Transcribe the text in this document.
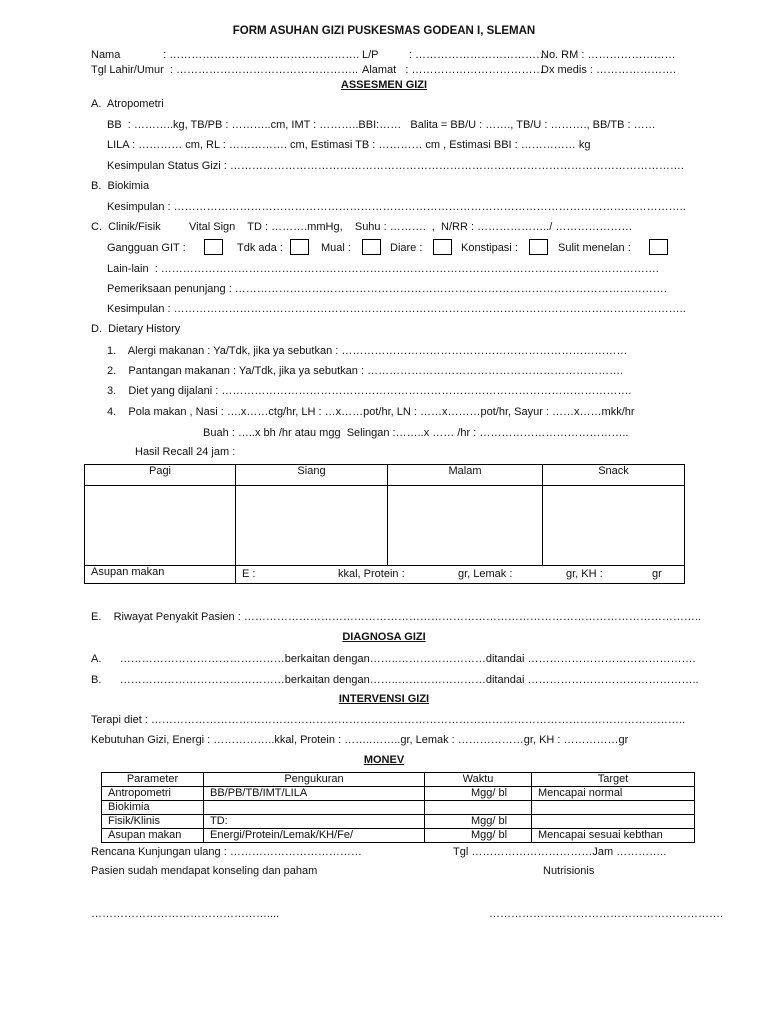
FORM ASUHAN GIZI PUSKESMAS GODEAN I, SLEMAN
Nama              : ……………………………………………. L/P          : ………………………………
No. RM : ……………………
Tgl Lahir/Umur  : ………………………………………….. Alamat   : ………………………………
Dx medis : ………………….
ASSESMEN GIZI
A.  Atropometri
BB  : ………..kg, TB/PB : ………..cm, IMT : ………..BBI:……   Balita = BB/U : ……., TB/U : ………., BB/TB : ……
LILA : ………… cm, RL : ……………. cm, Estimasi TB : ………… cm , Estimasi BBI : …………… kg
Kesimpulan Status Gizi : …………………………………………………………………………………………………………….
B.  Biokimia
Kesimpulan : …………………………………………………………………………………………………………………………..
C.  Clinik/Fisik	Vital Sign    TD : ……….mmHg,    Suhu : ……….  ,  N/RR : ………………../ …………………
Gangguan GIT :	Tdk ada :	Mual :	Diare :	Konstipasi :	Sulit menelan :
Lain-lain  : ……………………………………………………………………………………………………………………….
Pemeriksaan penunjang : ……………………………………………………………………………………………………….
Kesimpulan : …………………………………………………………………………………………………………………………..
D.  Dietary History
1.    Alergi makanan : Ya/Tdk, jika ya sebutkan : ……………………………………………………………………
2.    Pantangan makanan : Ya/Tdk, jika ya sebutkan : …………………………………………………………….
3.    Diet yang dijalani : ………………………………………………………………………………………………….
4.    Pola makan , Nasi : ….x……ctg/hr, LH : …x……pot/hr, LN : ……x………pot/hr, Sayur : ……x……mkk/hr
Buah : …..x bh /hr atau mgg  Selingan :……..x …… /hr : …………………………………..
Hasil Recall 24 jam :
Pagi	Siang	Malam	Snack

Asupan makan	E : kkal, Protein : gr, Lemak : gr, KH : gr		
E.    Riwayat Penyakit Pasien : ……………………………………………………………………………………………………………..
DIAGNOSA GIZI
A.      ………………………………………berkaitan dengan……..……………………ditandai ……………………………………….
B.      ………………………………………berkaitan dengan……..……………………ditandai ………………………………………..
INTERVENSI GIZI
Terapi diet : ………………………………………………………………………………………………………………………………..
Kebutuhan Gizi, Energi : ……………..kkal, Protein : ……..……..gr, Lemak : ………………gr, KH : ……………gr
MONEV
Parameter	Pengukuran	Waktu	Target
Antropometri	BB/PB/TB/IMT/LILA	Mgg/ bl	Mencapai normal
Biokimia			
Fisik/Klinis	TD:	Mgg/ bl	
Asupan makan	Energi/Protein/Lemak/KH/Fe/	Mgg/ bl	Mencapai sesuai kebthan
Rencana Kunjungan ulang : ………………………………	Tgl ……………………………Jam …………..
Pasien sudah mendapat konseling dan paham	Nutrisionis
…………………………………………....	……………………………………………………….
